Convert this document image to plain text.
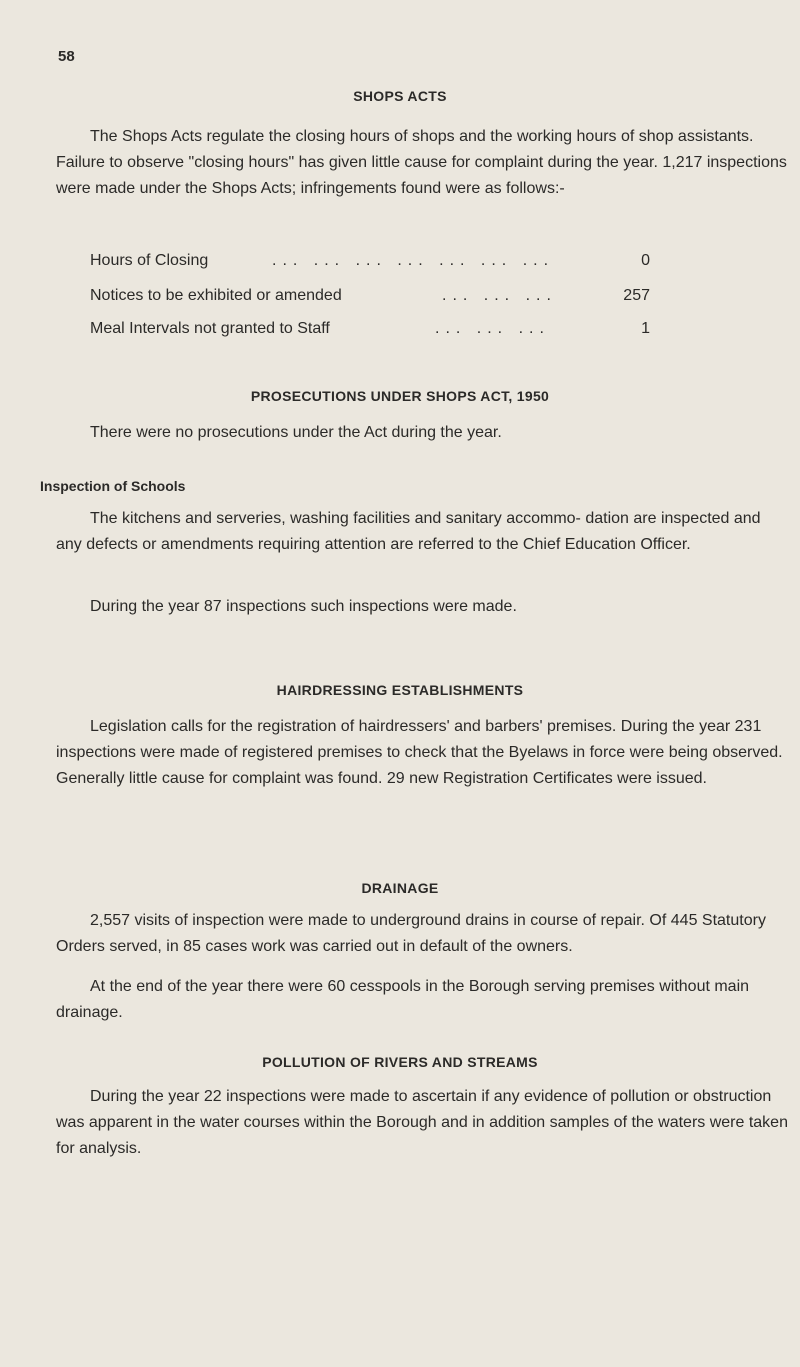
58
SHOPS ACTS

The Shops Acts regulate the closing hours of shops and the working hours of shop assistants. Failure to observe "closing hours" has given little cause for complaint during the year. 1,217 inspections were made under the Shops Acts; infringements found were as follows:-

Hours of Closing	... ... ... ... ... ... ...	0
Notices to be exhibited or amended	... ... ...	257
Meal Intervals not granted to Staff	... ... ...	1
PROSECUTIONS UNDER SHOPS ACT, 1950

There were no prosecutions under the Act during the year.

Inspection of Schools

The kitchens and serveries, washing facilities and sanitary accommo- dation are inspected and any defects or amendments requiring attention are referred to the Chief Education Officer.

During the year 87 inspections such inspections were made.

HAIRDRESSING ESTABLISHMENTS

Legislation calls for the registration of hairdressers' and barbers' premises. During the year 231 inspections were made of registered premises to check that the Byelaws in force were being observed. Generally little cause for complaint was found. 29 new Registration Certificates were issued.

DRAINAGE

2,557 visits of inspection were made to underground drains in course of repair. Of 445 Statutory Orders served, in 85 cases work was carried out in default of the owners.

At the end of the year there were 60 cesspools in the Borough serving premises without main drainage.

POLLUTION OF RIVERS AND STREAMS

During the year 22 inspections were made to ascertain if any evidence of pollution or obstruction was apparent in the water courses within the Borough and in addition samples of the waters were taken for analysis.
